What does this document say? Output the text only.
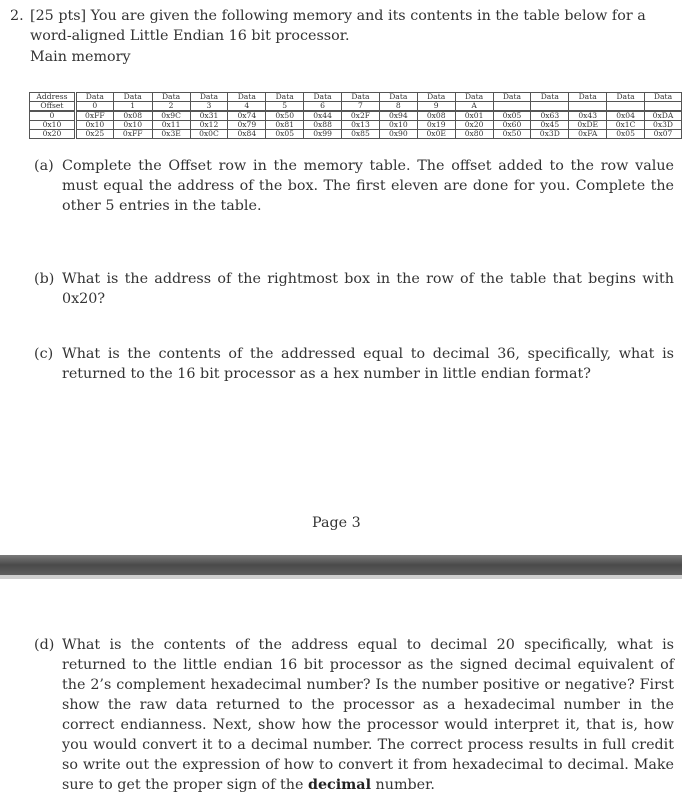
2. [25 pts] You are given the following memory and its contents in the table below for a word-aligned Little Endian 16 bit processor.
Main memory
Address	Data	Data	Data	Data	Data	Data	Data	Data	Data	Data	Data	Data	Data	Data	Data	Data
Offset	0	1	2	3	4	5	6	7	8	9	A					
0	0xFF	0x08	0x9C	0x31	0x74	0x50	0x44	0x2F	0x94	0x08	0x01	0x05	0x63	0x43	0x04	0xDA
0x10	0x10	0x10	0x11	0x12	0x79	0x81	0x88	0x13	0x10	0x19	0x20	0x60	0x45	0xDE	0x1C	0x3D
0x20	0x25	0xFF	0x3E	0x0C	0x84	0x05	0x99	0x85	0x90	0x0E	0x80	0x50	0x3D	0xFA	0x05	0x07
(a) Complete the Offset row in the memory table. The offset added to the row value must equal the address of the box. The first eleven are done for you. Complete the other 5 entries in the table.
(b) What is the address of the rightmost box in the row of the table that begins with 0x20?
(c) What is the contents of the addressed equal to decimal 36, specifically, what is returned to the 16 bit processor as a hex number in little endian format?
Page 3
(d) What is the contents of the address equal to decimal 20 specifically, what is returned to the little endian 16 bit processor as the signed decimal equivalent of the 2’s complement hexadecimal number? Is the number positive or negative? First show the raw data returned to the processor as a hexadecimal number in the correct endianness. Next, show how the processor would interpret it, that is, how you would convert it to a decimal number. The correct process results in full credit so write out the expression of how to convert it from hexadecimal to decimal. Make sure to get the proper sign of the decimal number.
